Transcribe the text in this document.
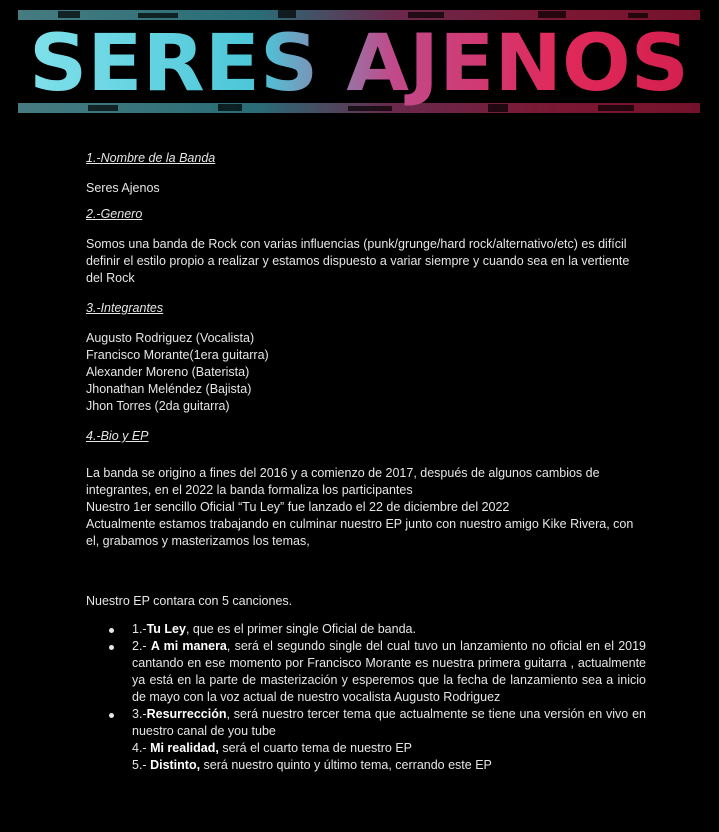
SERES AJENOS

1.-Nombre de la Banda

Seres Ajenos

2.-Genero

Somos una banda de Rock con varias influencias (punk/grunge/hard rock/alternativo/etc) es difícil definir el estilo propio a realizar y estamos dispuesto a variar siempre y cuando sea en la vertiente del Rock

3.-Integrantes

Augusto Rodriguez (Vocalista)

Francisco Morante(1era guitarra)

Alexander Moreno (Baterista)

Jhonathan Meléndez (Bajista)

Jhon Torres (2da guitarra)

4.-Bio y EP

La banda se origino a fines del 2016 y a comienzo de 2017, después de algunos cambios de integrantes, en el 2022 la banda formaliza los participantes

Nuestro 1er sencillo Oficial “Tu Ley” fue lanzado el 22 de diciembre del 2022

Actualmente estamos trabajando en culminar nuestro EP junto con nuestro amigo Kike Rivera, con el, grabamos y masterizamos los temas,

Nuestro EP contara con 5 canciones.

1.-Tu Ley, que es el primer single Oficial de banda.
2.- A mi manera, será el segundo single del cual tuvo un lanzamiento no oficial en el 2019 cantando en ese momento por Francisco Morante es nuestra primera guitarra , actualmente ya está en la parte de masterización y esperemos que la fecha de lanzamiento sea a inicio de mayo con la voz actual de nuestro vocalista Augusto Rodriguez
3.-Resurrección, será nuestro tercer tema que actualmente se tiene una versión en vivo en nuestro canal de you tube
4.- Mi realidad, será el cuarto tema de nuestro EP
5.- Distinto, será nuestro quinto y último tema, cerrando este EP
